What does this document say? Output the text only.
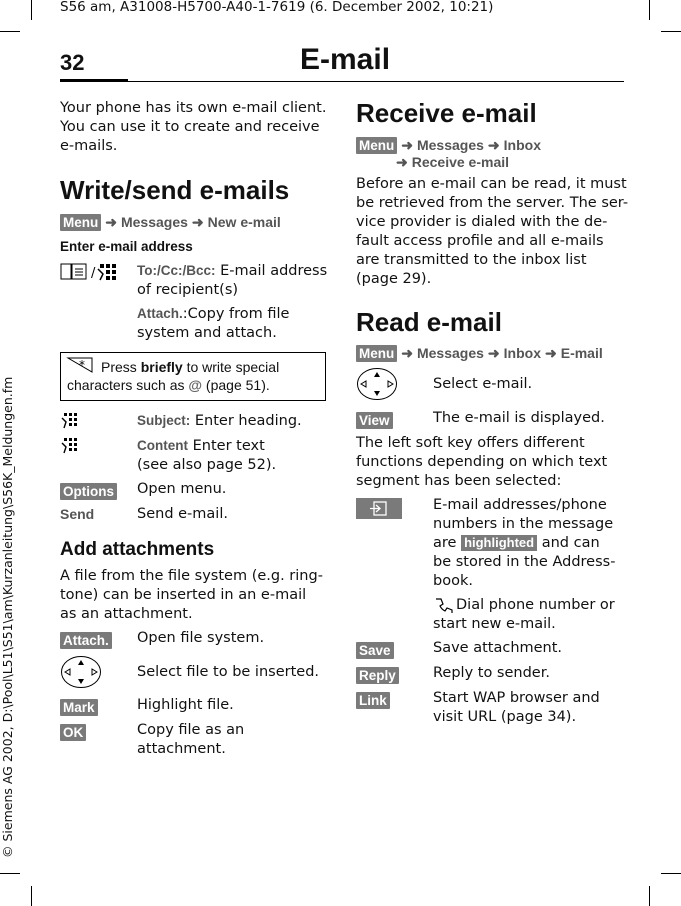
S56 am, A31008-H5700-A40-1-7619 (6. December 2002, 10:21)
32	E-mail
© Siemens AG 2002, D:\Pool\L51\S51\am\Kurzanleitung\S56K_Meldungen.fm
Your phone has its own e-mail client.
You can use it to create and receive
e-mails.
Write/send e-mails
Menu ➜ Messages ➜ New e-mail
Enter e-mail address
/	To:/Cc:/Bcc: E-mail address
of recipient(s)
Attach.:Copy from file
system and attach.
* Press briefly to write special
characters such as @ (page 51).
Subject: Enter heading.
Content Enter text
(see also page 52).
Options Open menu.
Send	Send e-mail.
Add attachments
A file from the file system (e.g. ring-
tone) can be inserted in an e-mail
as an attachment.
Attach. Open file system.
Select file to be inserted.
Mark	Highlight file.
OK	Copy file as an
attachment.
Receive e-mail
Menu ➜ Messages ➜ Inbox
➜ Receive e-mail
Before an e-mail can be read, it must
be retrieved from the server. The ser-
vice provider is dialed with the de-
fault access profile and all e-mails
are transmitted to the inbox list
(page 29).
Read e-mail
Menu ➜ Messages ➜ Inbox ➜ E-mail
Select e-mail.
View	The e-mail is displayed.
The left soft key offers different
functions depending on which text
segment has been selected:
E-mail addresses/phone
numbers in the message
are highlighted and can
be stored in the Address-
book.
Dial phone number or
start new e-mail.
Save	Save attachment.
Reply	Reply to sender.
Link	Start WAP browser and
visit URL (page 34).
